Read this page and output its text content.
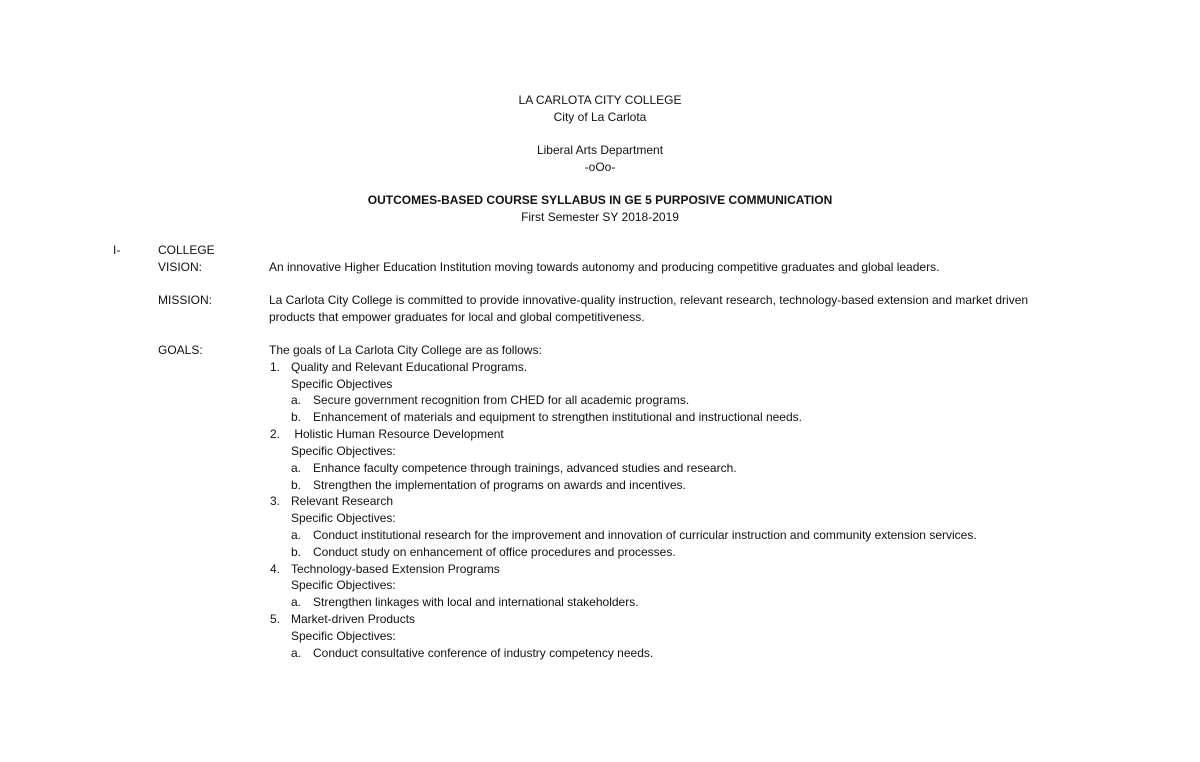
LA CARLOTA CITY COLLEGE
City of La Carlota
Liberal Arts Department
-oOo-
OUTCOMES-BASED COURSE SYLLABUS IN GE 5 PURPOSIVE COMMUNICATION
First Semester SY 2018-2019
I-	COLLEGE
VISION:	An innovative Higher Education Institution moving towards autonomy and producing competitive graduates and global leaders.
MISSION:	La Carlota City College is committed to provide innovative-quality instruction, relevant research, technology-based extension and market driven
products that empower graduates for local and global competitiveness.
GOALS:	The goals of La Carlota City College are as follows:
1. Quality and Relevant Educational Programs.
Specific Objectives
a. Secure government recognition from CHED for all academic programs.
b. Enhancement of materials and equipment to strengthen institutional and instructional needs.
2. Holistic Human Resource Development
Specific Objectives:
a. Enhance faculty competence through trainings, advanced studies and research.
b. Strengthen the implementation of programs on awards and incentives.
3. Relevant Research
Specific Objectives:
a. Conduct institutional research for the improvement and innovation of curricular instruction and community extension services.
b. Conduct study on enhancement of office procedures and processes.
4. Technology-based Extension Programs
Specific Objectives:
a. Strengthen linkages with local and international stakeholders.
5. Market-driven Products
Specific Objectives:
a. Conduct consultative conference of industry competency needs.
